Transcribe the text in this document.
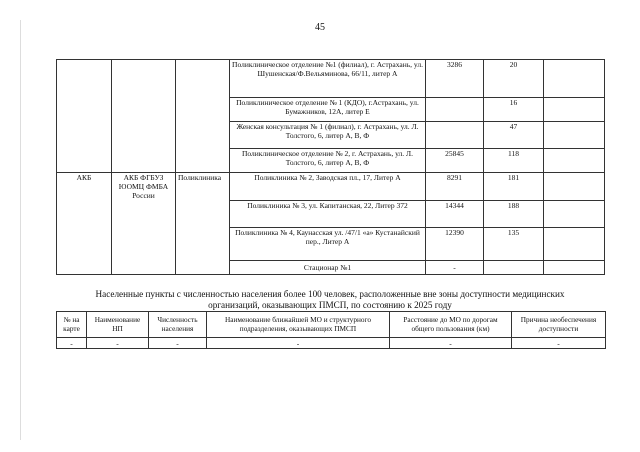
45
			Поликлиническое отделение №1 (филиал), г. Астрахань, ул. Шушенская/Ф.Вельяминова, 66/11, литер А	3286	20	
			Поликлиническое отделение № 1 (КДО), г.Астрахань, ул. Бумажников, 12А, литер Е		16	
			Женская консультация № 1 (филиал), г. Астрахань, ул. Л. Толстого, 6, литер А, В, Ф		47	
			Поликлиническое отделение № 2, г. Астрахань, ул. Л. Толстого, 6, литер А, В, Ф	25845	118	
АКБ	АКБ ФГБУЗ ЮОМЦ ФМБА России	Поликлиника	Поликлиника № 2, Заводская пл., 17, Литер А	8291	181	
			Поликлиника № 3, ул. Капитанская, 22, Литер 372	14344	188	
			Поликлиника № 4, Каунасская ул. /47/1 «а» Кустанайский пер., Литер А	12390	135	
			Стационар №1	-		
Населенные пункты с численностью населения более 100 человек, расположенные вне зоны доступности медицинских организаций, оказывающих ПМСП, по состоянию к 2025 году
№ на карте	Наименование НП	Численность населения	Наименование ближайшей МО и структурного подразделения, оказывающих ПМСП	Расстояние до МО по дорогам общего пользования (км)	Причина необеспечения доступности
-	-	-	-	-	-
